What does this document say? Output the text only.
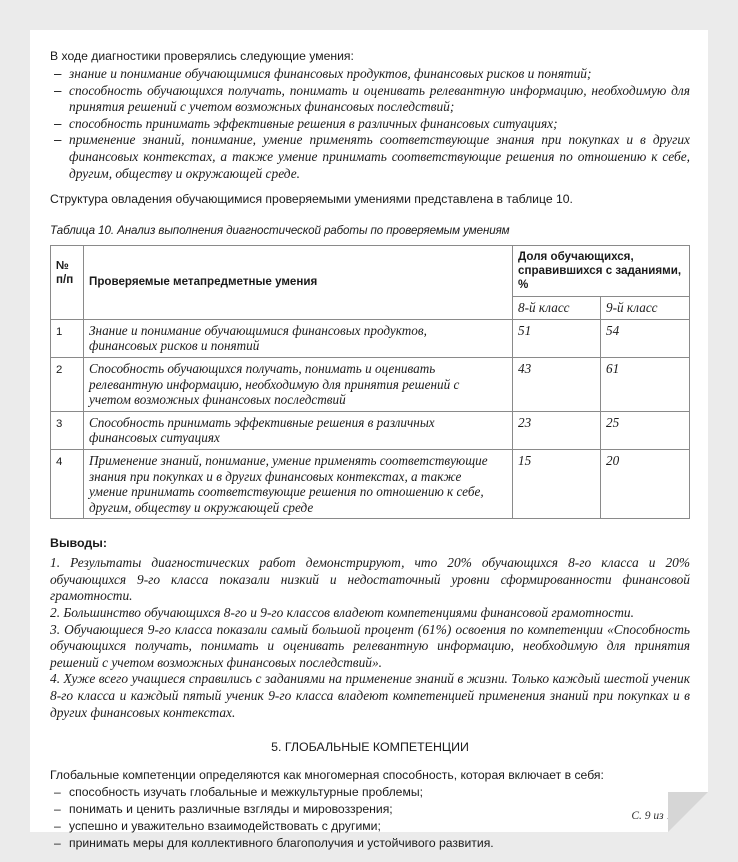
В ходе диагностики проверялись следующие умения:

– знание и понимание обучающимися финансовых продуктов, финансовых рисков и понятий;
– способность обучающихся получать, понимать и оценивать релевантную информацию, необходимую для принятия решений с учетом возможных финансовых последствий;
– способность принимать эффективные решения в различных финансовых ситуациях;
– применение знаний, понимание, умение применять соответствующие знания при покупках и в других финансовых контекстах, а также умение принимать соответствующие решения по отношению к себе, другим, обществу и окружающей среде.

Структура овладения обучающимися проверяемыми умениями представлена в таблице 10.

Таблица 10. Анализ выполнения диагностической работы по проверяемым умениям

№ п/п	Проверяемые метапредметные умения	Доля обучающихся, справившихся с заданиями, %	
		8-й класс	9-й класс
1	Знание и понимание обучающимися финансовых продуктов, финансовых рисков и понятий	51	54
2	Способность обучающихся получать, понимать и оценивать релевантную информацию, необходимую для принятия решений с учетом возможных финансовых последствий	43	61
3	Способность принимать эффективные решения в различных финансовых ситуациях	23	25
4	Применение знаний, понимание, умение применять соответствующие знания при покупках и в других финансовых контекстах, а также умение принимать соответствующие решения по отношению к себе, другим, обществу и окружающей среде	15	20

Выводы:

1. Результаты диагностических работ демонстрируют, что 20% обучающихся 8-го класса и 20% обучающихся 9-го класса показали низкий и недостаточный уровни сформированности финансовой грамотности.

2. Большинство обучающихся 8-го и 9-го классов владеют компетенциями финансовой грамотности.

3. Обучающиеся 9-го класса показали самый большой процент (61%) освоения по компетенции «Способность обучающихся получать, понимать и оценивать релевантную информацию, необходимую для принятия решений с учетом возможных финансовых последствий».

4. Хуже всего учащиеся справились с заданиями на применение знаний в жизни. Только каждый шестой ученик 8-го класса и каждый пятый ученик 9-го класса владеют компетенцией применения знаний при покупках и в других финансовых контекстах.

5. ГЛОБАЛЬНЫЕ КОМПЕТЕНЦИИ

Глобальные компетенции определяются как многомерная способность, которая включает в себя:

– способность изучать глобальные и межкультурные проблемы;
– понимать и ценить различные взгляды и мировоззрения;
– успешно и уважительно взаимодействовать с другими;
– принимать меры для коллективного благополучия и устойчивого развития.
С. 9 из 16
